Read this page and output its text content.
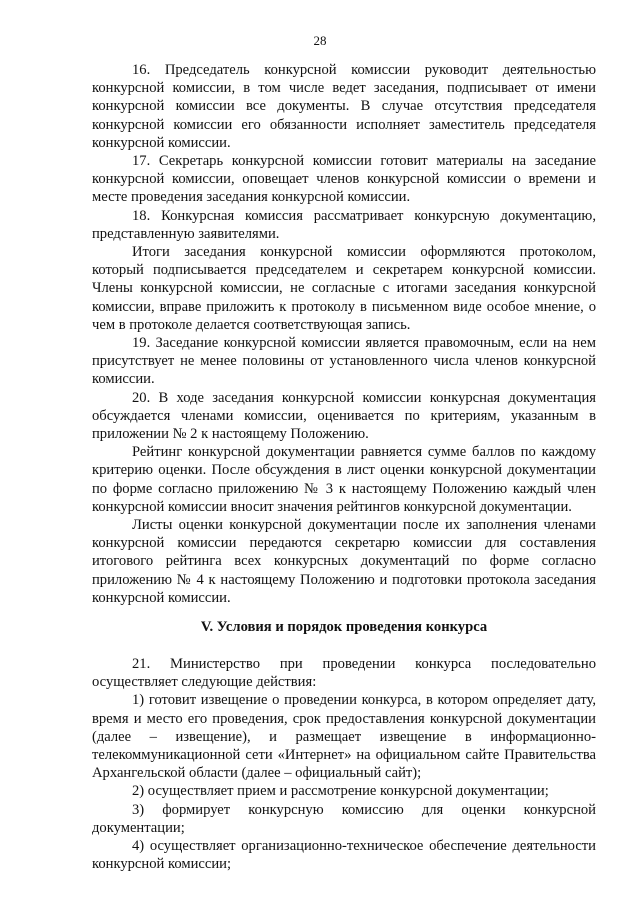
28

16. Председатель конкурсной комиссии руководит деятельностью конкурсной комиссии, в том числе ведет заседания, подписывает от имени конкурсной комиссии все документы. В случае отсутствия председателя конкурсной комиссии его обязанности исполняет заместитель председателя конкурсной комиссии.

17. Секретарь конкурсной комиссии готовит материалы на заседание конкурсной комиссии, оповещает членов конкурсной комиссии о времени и месте проведения заседания конкурсной комиссии.

18. Конкурсная комиссия рассматривает конкурсную документацию, представленную заявителями.

Итоги заседания конкурсной комиссии оформляются протоколом, который подписывается председателем и секретарем конкурсной комиссии. Члены конкурсной комиссии, не согласные с итогами заседания конкурсной комиссии, вправе приложить к протоколу в письменном виде особое мнение, о чем в протоколе делается соответствующая запись.

19. Заседание конкурсной комиссии является правомочным, если на нем присутствует не менее половины от установленного числа членов конкурсной комиссии.

20. В ходе заседания конкурсной комиссии конкурсная документация обсуждается членами комиссии, оценивается по критериям, указанным в приложении № 2 к настоящему Положению.

Рейтинг конкурсной документации равняется сумме баллов по каждому критерию оценки. После обсуждения в лист оценки конкурсной документации по форме согласно приложению № 3 к настоящему Положению каждый член конкурсной комиссии вносит значения рейтингов конкурсной документации.

Листы оценки конкурсной документации после их заполнения членами конкурсной комиссии передаются секретарю комиссии для составления итогового рейтинга всех конкурсных документаций по форме согласно приложению № 4 к настоящему Положению и подготовки протокола заседания конкурсной комиссии.

V. Условия и порядок проведения конкурса

21. Министерство при проведении конкурса последовательно осуществляет следующие действия:

1) готовит извещение о проведении конкурса, в котором определяет дату, время и место его проведения, срок предоставления конкурсной документации (далее – извещение), и размещает извещение в информационно-телекоммуникационной сети «Интернет» на официальном сайте Правительства Архангельской области (далее – официальный сайт);

2) осуществляет прием и рассмотрение конкурсной документации;

3) формирует конкурсную комиссию для оценки конкурсной документации;

4) осуществляет организационно-техническое обеспечение деятельности конкурсной комиссии;
